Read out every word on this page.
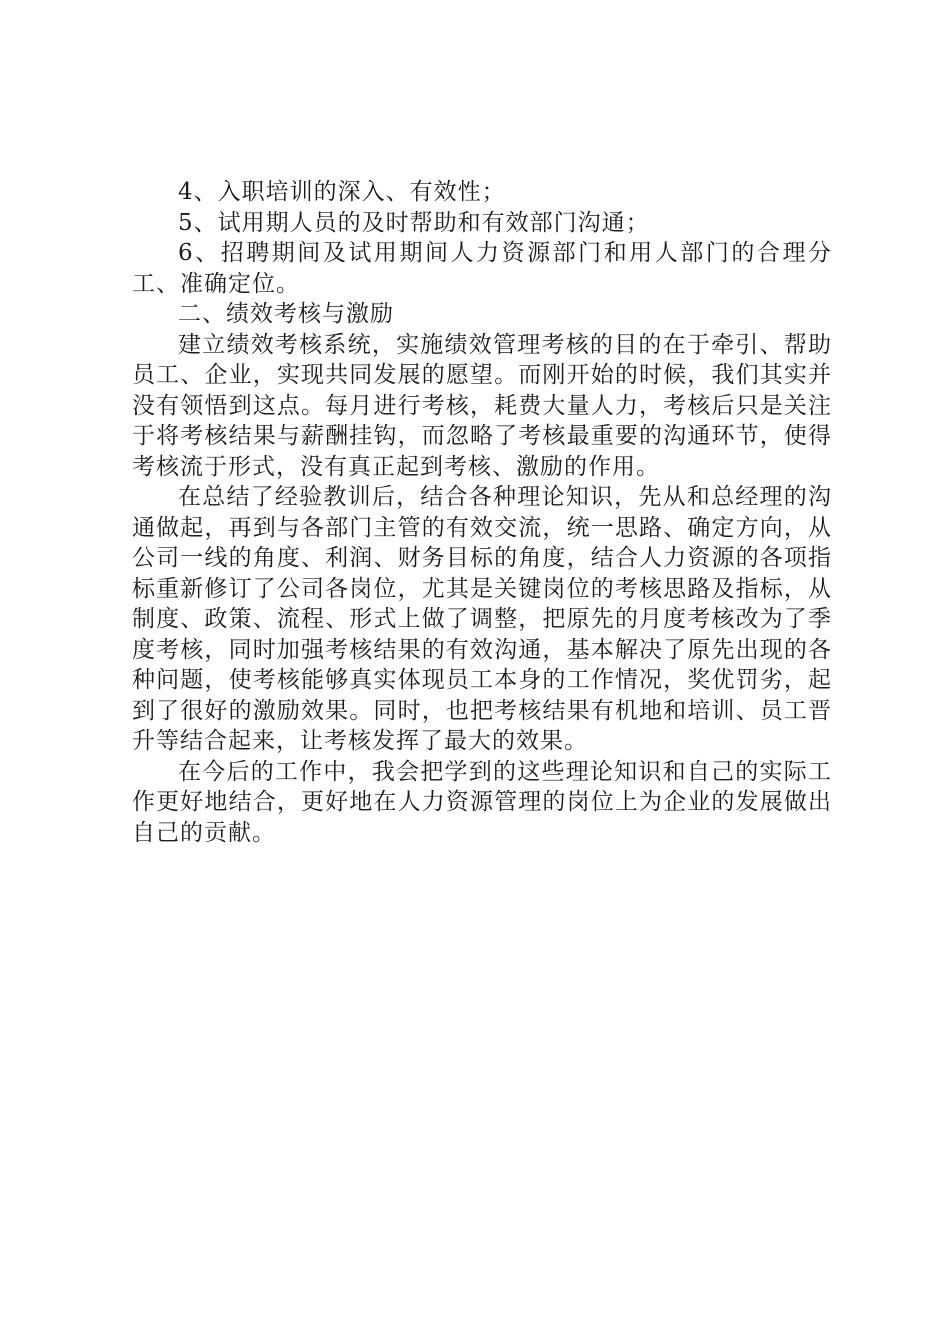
4、入职培训的深入、有效性；

5、试用期人员的及时帮助和有效部门沟通；

6、招聘期间及试用期间人力资源部门和用人部门的合理分工、准确定位。

二、绩效考核与激励

建立绩效考核系统，实施绩效管理考核的目的在于牵引、帮助员工、企业，实现共同发展的愿望。而刚开始的时候，我们其实并没有领悟到这点。每月进行考核，耗费大量人力，考核后只是关注于将考核结果与薪酬挂钩，而忽略了考核最重要的沟通环节，使得考核流于形式，没有真正起到考核、激励的作用。

在总结了经验教训后，结合各种理论知识，先从和总经理的沟通做起，再到与各部门主管的有效交流，统一思路、确定方向，从公司一线的角度、利润、财务目标的角度，结合人力资源的各项指标重新修订了公司各岗位，尤其是关键岗位的考核思路及指标，从制度、政策、流程、形式上做了调整，把原先的月度考核改为了季度考核，同时加强考核结果的有效沟通，基本解决了原先出现的各种问题，使考核能够真实体现员工本身的工作情况，奖优罚劣，起到了很好的激励效果。同时，也把考核结果有机地和培训、员工晋升等结合起来，让考核发挥了最大的效果。

在今后的工作中，我会把学到的这些理论知识和自己的实际工作更好地结合，更好地在人力资源管理的岗位上为企业的发展做出自己的贡献。
